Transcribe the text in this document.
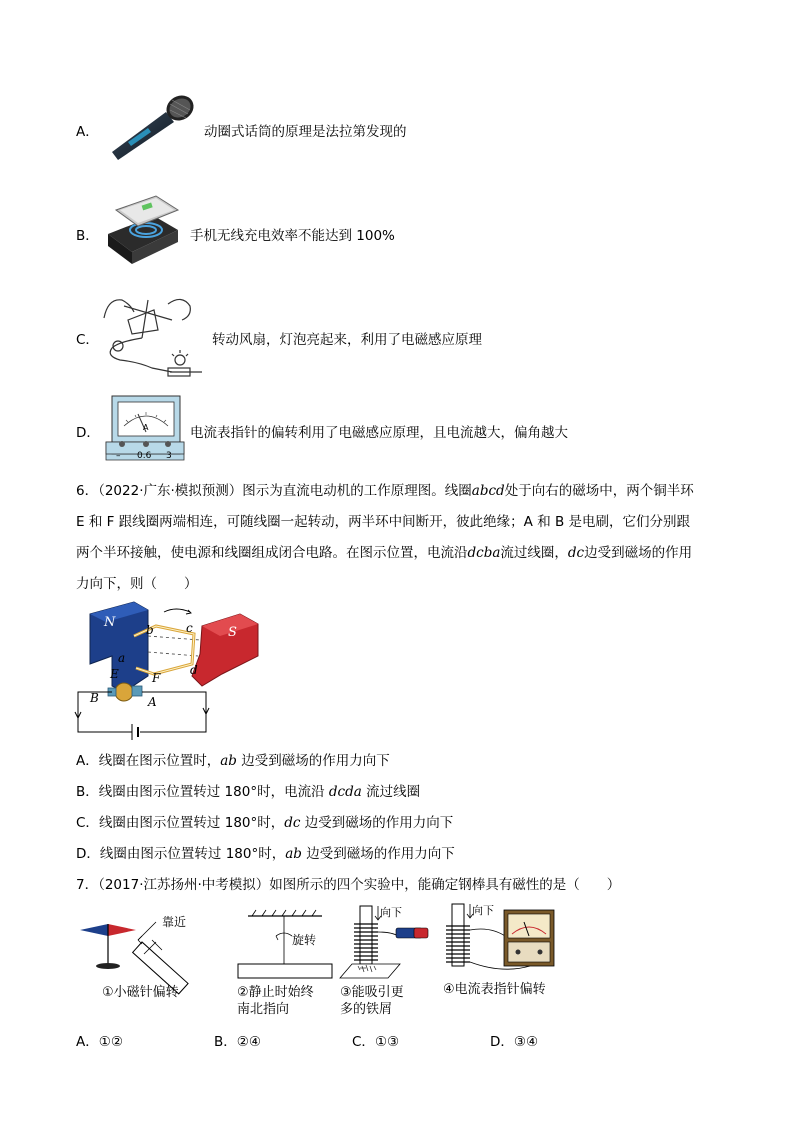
A．	动圈式话筒的原理是法拉第发现的
B．	手机无线充电效率不能达到 100%
C．	转动风扇，灯泡亮起来，利用了电磁感应原理
D．	A
– 0.6 3
电流表指针的偏转利用了电磁感应原理，且电流越大，偏角越大
6．（2022·广东·模拟预测）图示为直流电动机的工作原理图。线圈abcd处于向右的磁场中，两个铜半环
E 和 F 跟线圈两端相连，可随线圈一起转动，两半环中间断开，彼此绝缘；A 和 B 是电刷，它们分别跟
两个半环接触，使电源和线圈组成闭合电路。在图示位置，电流沿dcba流过线圈，dc边受到磁场的作用
力向下，则（　　）
N
S
b	c
a
d
E	F
B	A
A．线圈在图示位置时，ab 边受到磁场的作用力向下
B．线圈由图示位置转过 180°时，电流沿 dcda 流过线圈
C．线圈由图示位置转过 180°时，dc 边受到磁场的作用力向下
D．线圈由图示位置转过 180°时，ab 边受到磁场的作用力向下
7．（2017·江苏扬州·中考模拟）如图所示的四个实验中，能确定钢棒具有磁性的是（　　）
靠近
①小磁针偏转
旋转
②静止时始终
南北指向
向下
③能吸引更
多的铁屑
向下
④电流表指针偏转
A．①②	B．②④	C．①③	D．③④
